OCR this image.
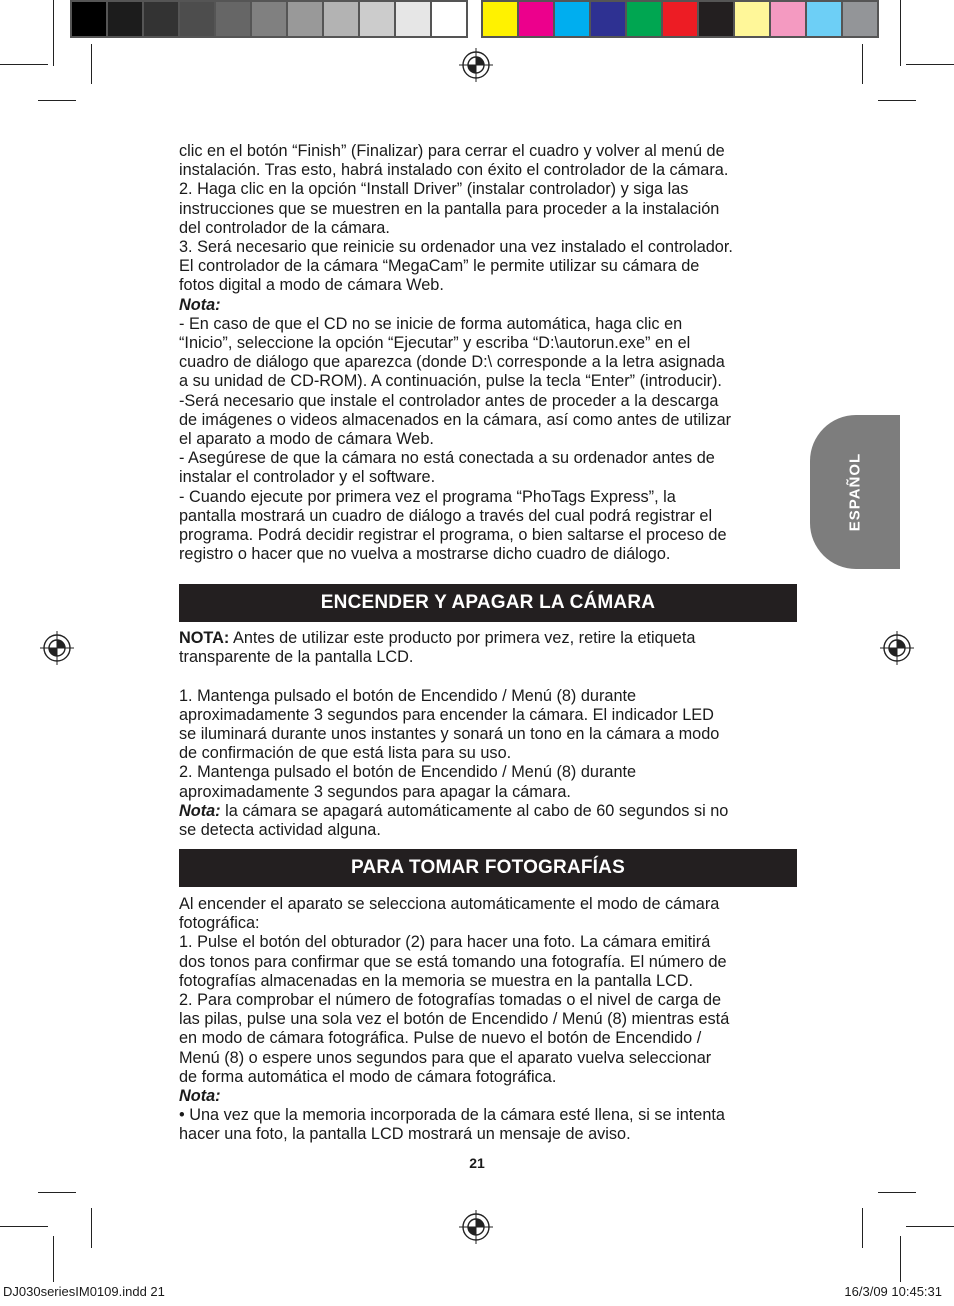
ESPAÑOL

clic en el botón “Finish” (Finalizar) para cerrar el cuadro y volver al menú de

instalación. Tras esto, habrá instalado con éxito el controlador de la cámara.

2. Haga clic en la opción “Install Driver” (instalar controlador) y siga las

instrucciones que se muestren en la pantalla para proceder a la instalación

del controlador de la cámara.

3. Será necesario que reinicie su ordenador una vez instalado el controlador.

El controlador de la cámara “MegaCam” le permite utilizar su cámara de

fotos digital a modo de cámara Web.

Nota:

- En caso de que el CD no se inicie de forma automática, haga clic en

“Inicio”, seleccione la opción “Ejecutar” y escriba “D:\autorun.exe” en el

cuadro de diálogo que aparezca (donde D:\ corresponde a la letra asignada

a su unidad de CD-ROM). A continuación, pulse la tecla “Enter” (introducir).

-Será necesario que instale el controlador antes de proceder a la descarga

de imágenes o videos almacenados en la cámara, así como antes de utilizar

el aparato a modo de cámara Web.

- Asegúrese de que la cámara no está conectada a su ordenador antes de

instalar el controlador y el software.

- Cuando ejecute por primera vez el programa “PhoTags Express”, la

pantalla mostrará un cuadro de diálogo a través del cual podrá registrar el

programa. Podrá decidir registrar el programa, o bien saltarse el proceso de

registro o hacer que no vuelva a mostrarse dicho cuadro de diálogo.

ENCENDER Y APAGAR LA CÁMARA

NOTA: Antes de utilizar este producto por primera vez, retire la etiqueta

transparente de la pantalla LCD.

1. Mantenga pulsado el botón de Encendido / Menú (8) durante

aproximadamente 3 segundos para encender la cámara. El indicador LED

se iluminará durante unos instantes y sonará un tono en la cámara a modo

de confirmación de que está lista para su uso.

2. Mantenga pulsado el botón de Encendido / Menú (8) durante

aproximadamente 3 segundos para apagar la cámara.

Nota: la cámara se apagará automáticamente al cabo de 60 segundos si no

se detecta actividad alguna.

PARA TOMAR FOTOGRAFÍAS

Al encender el aparato se selecciona automáticamente el modo de cámara

fotográfica:

1. Pulse el botón del obturador (2) para hacer una foto. La cámara emitirá

dos tonos para confirmar que se está tomando una fotografía. El número de

fotografías almacenadas en la memoria se muestra en la pantalla LCD.

2. Para comprobar el número de fotografías tomadas o el nivel de carga de

las pilas, pulse una sola vez el botón de Encendido / Menú (8) mientras está

en modo de cámara fotográfica. Pulse de nuevo el botón de Encendido /

Menú (8) o espere unos segundos para que el aparato vuelva seleccionar

de forma automática el modo de cámara fotográfica.

Nota:

• Una vez que la memoria incorporada de la cámara esté llena, si se intenta

hacer una foto, la pantalla LCD mostrará un mensaje de aviso.

21
DJ030seriesIM0109.indd 21	16/3/09 10:45:31
